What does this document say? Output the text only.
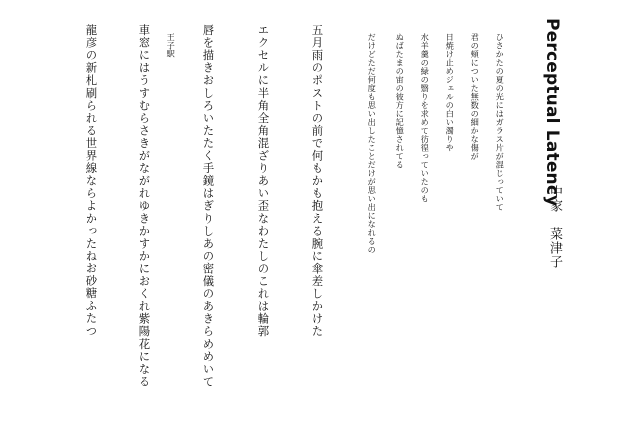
Perceptual Latency
中家　菜津子
ひさかたの夏の光にはガラス片が混じっていて
君の頰についた無数の細かな傷が
日焼け止めジェルの白い濁りや
水羊羹の緑の翳りを求めて彷徨っていたのも
ぬばたまの宙の彼方に記憶されてる
だけどただ何度も思い出したことだけが思い出になれるの
五月雨のポストの前で何もかも抱える腕に傘差しかけた
エクセルに半角全角混ざりあい歪なわたしのこれは輪郭
唇を描きおしろいたたく手鏡はぎりしあの密儀のあきらめめいて
王子駅
車窓にはうすむらさきがながれゆきかすかにおくれ紫陽花になる
龍彦の新札刷られる世界線ならよかったね
お砂糖ふたつ
